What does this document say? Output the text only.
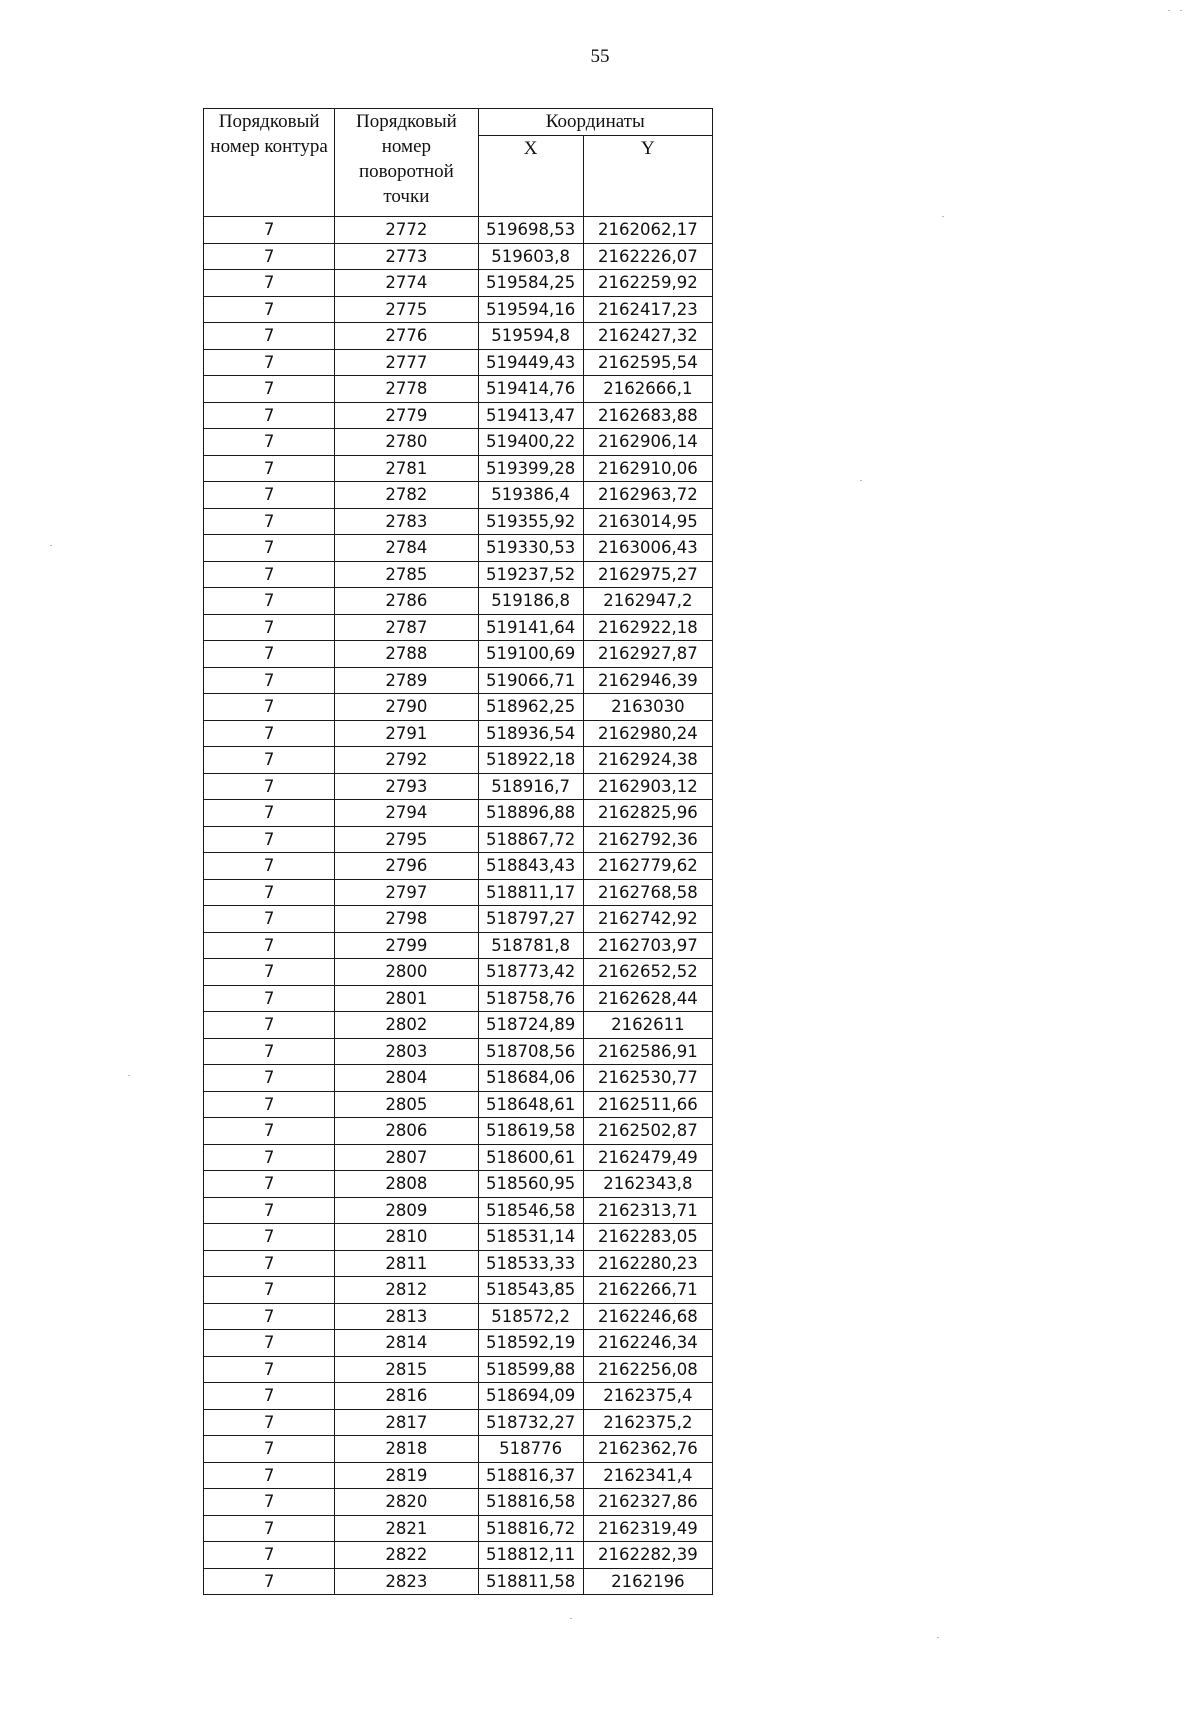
55
Порядковый номер контура	Порядковый номер поворотной точки	Координаты	
		X	Y
7	2772	519698,53	2162062,17
7	2773	519603,8	2162226,07
7	2774	519584,25	2162259,92
7	2775	519594,16	2162417,23
7	2776	519594,8	2162427,32
7	2777	519449,43	2162595,54
7	2778	519414,76	2162666,1
7	2779	519413,47	2162683,88
7	2780	519400,22	2162906,14
7	2781	519399,28	2162910,06
7	2782	519386,4	2162963,72
7	2783	519355,92	2163014,95
7	2784	519330,53	2163006,43
7	2785	519237,52	2162975,27
7	2786	519186,8	2162947,2
7	2787	519141,64	2162922,18
7	2788	519100,69	2162927,87
7	2789	519066,71	2162946,39
7	2790	518962,25	2163030
7	2791	518936,54	2162980,24
7	2792	518922,18	2162924,38
7	2793	518916,7	2162903,12
7	2794	518896,88	2162825,96
7	2795	518867,72	2162792,36
7	2796	518843,43	2162779,62
7	2797	518811,17	2162768,58
7	2798	518797,27	2162742,92
7	2799	518781,8	2162703,97
7	2800	518773,42	2162652,52
7	2801	518758,76	2162628,44
7	2802	518724,89	2162611
7	2803	518708,56	2162586,91
7	2804	518684,06	2162530,77
7	2805	518648,61	2162511,66
7	2806	518619,58	2162502,87
7	2807	518600,61	2162479,49
7	2808	518560,95	2162343,8
7	2809	518546,58	2162313,71
7	2810	518531,14	2162283,05
7	2811	518533,33	2162280,23
7	2812	518543,85	2162266,71
7	2813	518572,2	2162246,68
7	2814	518592,19	2162246,34
7	2815	518599,88	2162256,08
7	2816	518694,09	2162375,4
7	2817	518732,27	2162375,2
7	2818	518776	2162362,76
7	2819	518816,37	2162341,4
7	2820	518816,58	2162327,86
7	2821	518816,72	2162319,49
7	2822	518812,11	2162282,39
7	2823	518811,58	2162196
